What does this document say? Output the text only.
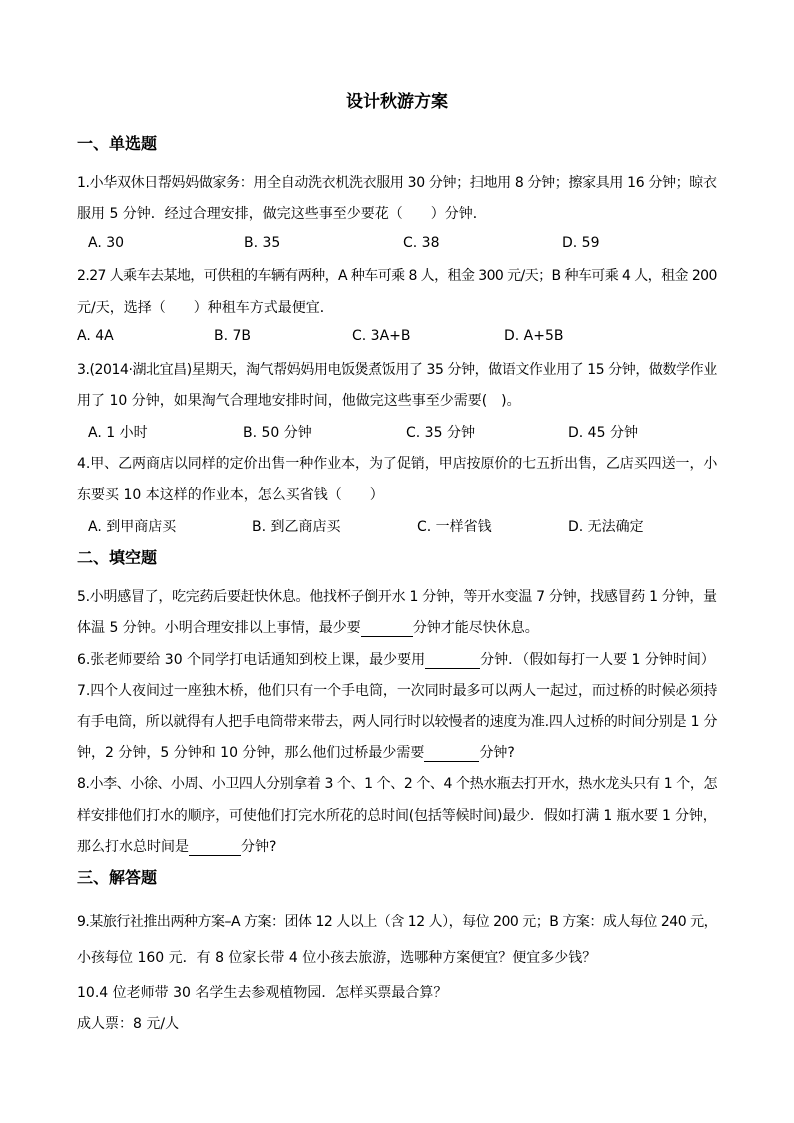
设计秋游方案
一、单选题
1.小华双休日帮妈妈做家务：用全自动洗衣机洗衣服用 30 分钟；扫地用 8 分钟；擦家具用 16 分钟；晾衣
服用 5 分钟．经过合理安排，做完这些事至少要花（　　）分钟．
A. 30	B. 35	C. 38	D. 59
2.27 人乘车去某地，可供租的车辆有两种，A 种车可乘 8 人，租金 300 元/天；B 种车可乘 4 人，租金 200
元/天，选择（　　）种租车方式最便宜．
A. 4A	B. 7B	C. 3A+B	D. A+5B
3.(2014·湖北宜昌)星期天，淘气帮妈妈用电饭煲煮饭用了 35 分钟，做语文作业用了 15 分钟，做数学作业
用了 10 分钟，如果淘气合理地安排时间，他做完这些事至少需要(　)。
A. 1 小时	B. 50 分钟	C. 35 分钟	D. 45 分钟
4.甲、乙两商店以同样的定价出售一种作业本，为了促销，甲店按原价的七五折出售，乙店买四送一，小
东要买 10 本这样的作业本，怎么买省钱（　　）
A. 到甲商店买	B. 到乙商店买	C. 一样省钱	D. 无法确定
二、填空题
5.小明感冒了，吃完药后要赶快休息。他找杯子倒开水 1 分钟，等开水变温 7 分钟，找感冒药 1 分钟，量
体温 5 分钟。小明合理安排以上事情，最少要	分钟才能尽快休息。
6.张老师要给 30 个同学打电话通知到校上课，最少要用	分钟．（假如每打一人要 1 分钟时间）
7.四个人夜间过一座独木桥，他们只有一个手电筒，一次同时最多可以两人一起过，而过桥的时候必须持
有手电筒，所以就得有人把手电筒带来带去，两人同行时以较慢者的速度为准.四人过桥的时间分别是 1 分
钟，2 分钟，5 分钟和 10 分钟，那么他们过桥最少需要	分钟?
8.小李、小徐、小周、小卫四人分别拿着 3 个、1 个、2 个、4 个热水瓶去打开水，热水龙头只有 1 个，怎
样安排他们打水的顺序，可使他们打完水所花的总时间(包括等候时间)最少．假如打满 1 瓶水要 1 分钟，
那么打水总时间是	分钟?
三、解答题
9.某旅行社推出两种方案–A 方案：团体 12 人以上（含 12 人），每位 200 元；B 方案：成人每位 240 元，
小孩每位 160 元．有 8 位家长带 4 位小孩去旅游，选哪种方案便宜？便宜多少钱？
10.4 位老师带 30 名学生去参观植物园．怎样买票最合算？
成人票：8 元/人
